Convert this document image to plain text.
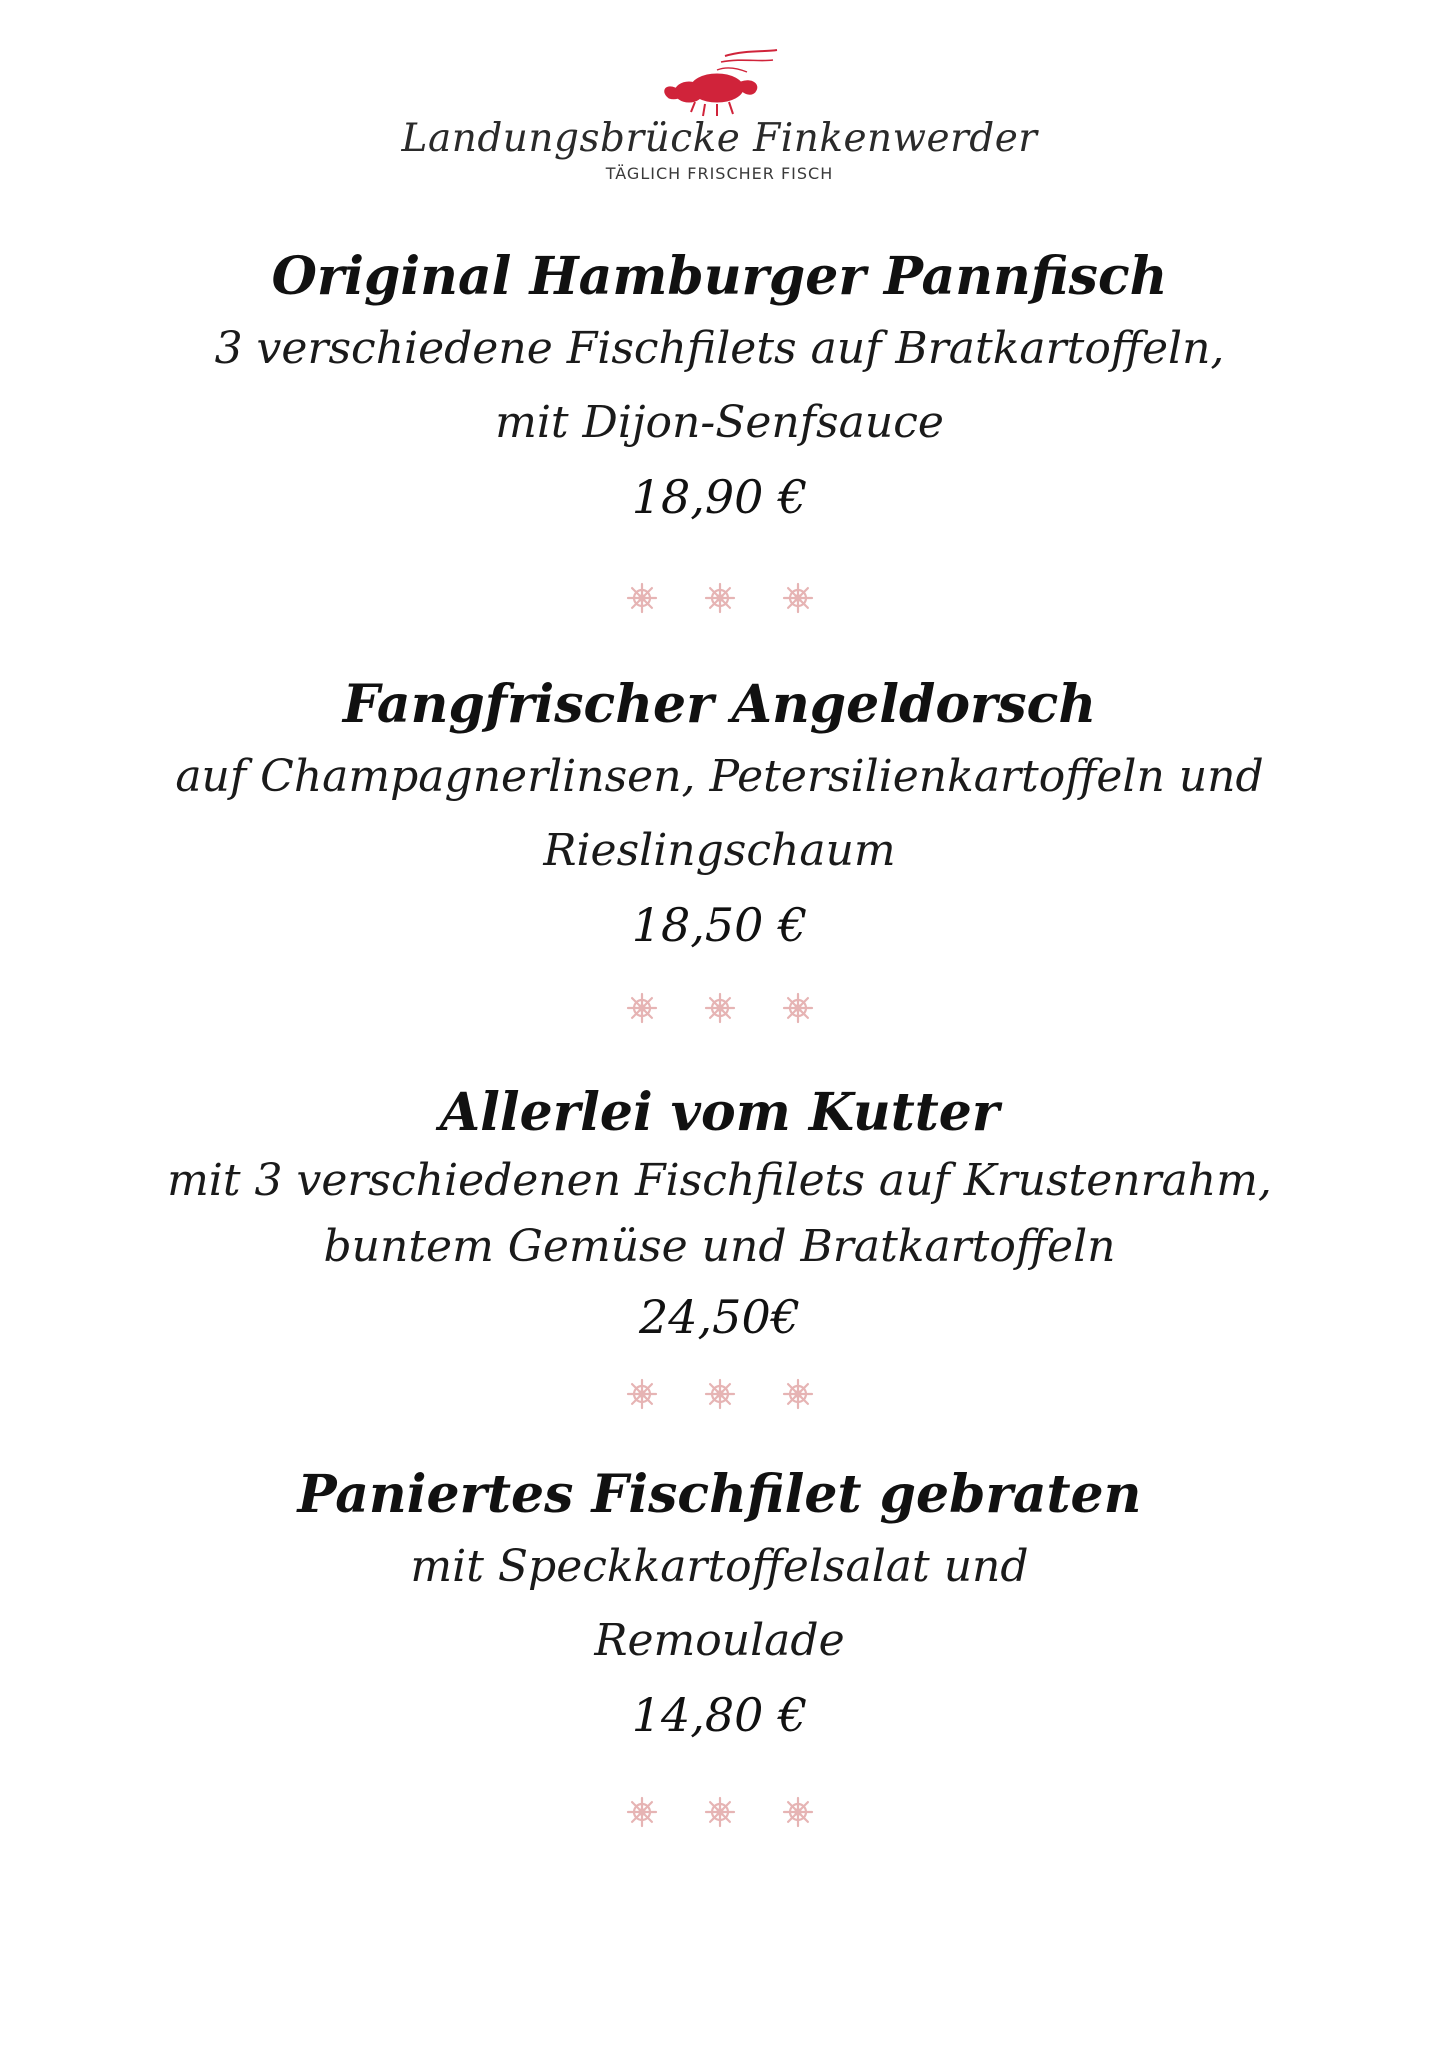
Landungsbrücke Finkenwerder
TÄGLICH FRISCHER FISCH

Original Hamburger Pannfisch

3 verschiedene Fischfilets auf Bratkartoffeln,

mit Dijon-Senfsauce

18,90 €

Fangfrischer Angeldorsch

auf Champagnerlinsen, Petersilienkartoffeln und

Rieslingschaum

18,50 €

Allerlei vom Kutter

mit 3 verschiedenen Fischfilets auf Krustenrahm,

buntem Gemüse und Bratkartoffeln

24,50€

Paniertes Fischfilet gebraten

mit Speckkartoffelsalat und

Remoulade

14,80 €
